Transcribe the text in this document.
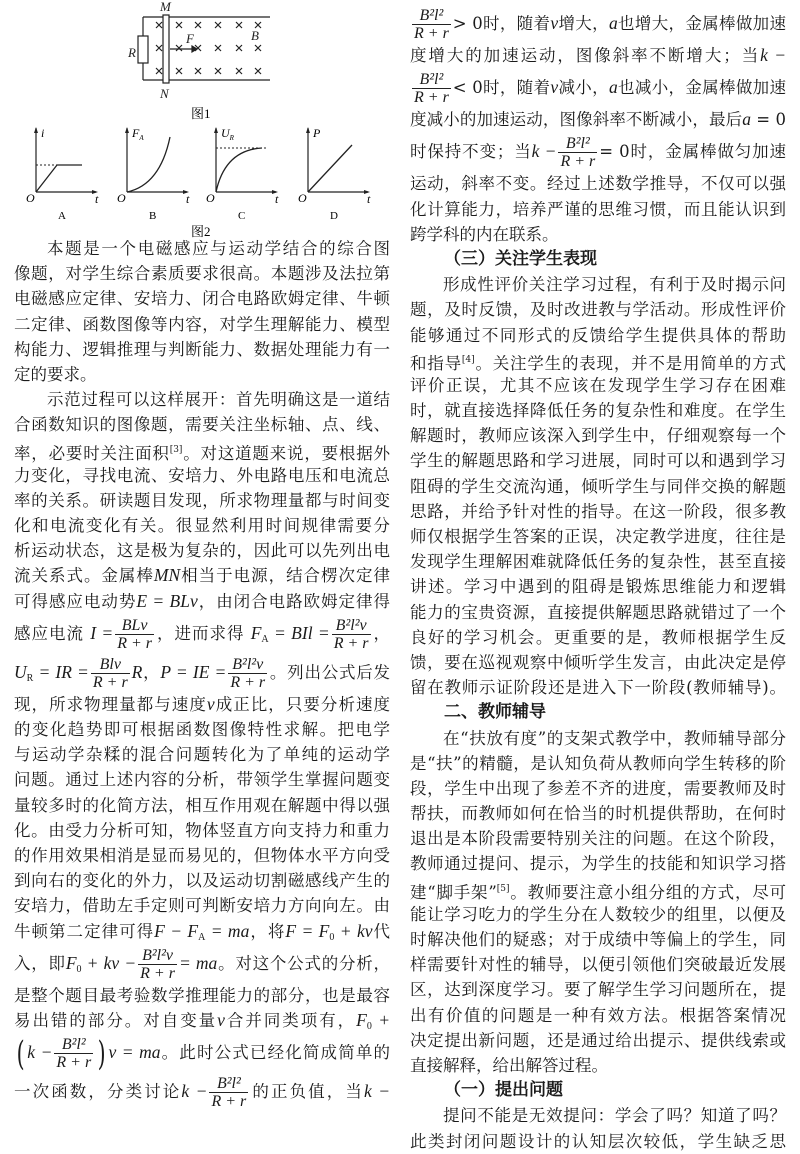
M
N
R
F	B
图1
i
O	t
A
$F_A$
O	t
B
$U_R$
O	t
C
P
O	t
D
图2
本题是一个电磁感应与运动学结合的综合图
像题，对学生综合素质要求很高。本题涉及法拉第
电磁感应定律、安培力、闭合电路欧姆定律、牛顿
二定律、函数图像等内容，对学生理解能力、模型
构能力、逻辑推理与判断能力、数据处理能力有一
定的要求。
示范过程可以这样展开：首先明确这是一道结
合函数知识的图像题，需要关注坐标轴、点、线、
率，必要时关注面积[3]。对这道题来说，要根据外
力变化，寻找电流、安培力、外电路电压和电流总
率的关系。研读题目发现，所求物理量都与时间变
化和电流变化有关。很显然利用时间规律需要分
析运动状态，这是极为复杂的，因此可以先列出电
流关系式。金属棒MN相当于电源，结合楞次定律
可得感应电动势E = BLv，由闭合电路欧姆定律得
感应电流 $I = \frac{\text{BLv}}{R + r}$ ，进而求得 FA = BIl = $\frac{\text{B²l²v}}{R + r}$ ，
UR = IR = $\frac{\text{Blv}}{R + r}$ R，P = IE = $\frac{\text{B²l²v}}{R + r}$ 。列出公式后发
现，所求物理量都与速度v成正比，只要分析速度
的变化趋势即可根据函数图像特性求解。把电学
与运动学杂糅的混合问题转化为了单纯的运动学
问题。通过上述内容的分析，带领学生掌握问题变
量较多时的化简方法，相互作用观在解题中得以强
化。由受力分析可知，物体竖直方向支持力和重力
的作用效果相消是显而易见的，但物体水平方向受
到向右的变化的外力，以及运动切割磁感线产生的
安培力，借助左手定则可判断安培力方向向左。由
牛顿第二定律可得F − FA = ma，将F = F0 + kv代
入，即F0 + kv − $\frac{\text{B²l²v}}{R + r}$ = ma。对这个公式的分析，
是整个题目最考验数学推理能力的部分，也是最容
易出错的部分。对自变量v合并同类项有，F0 +
( $k - \frac{\text{B²l²}}{R + r}$ ) v = ma。此时公式已经化简成简单的
一次函数，分类讨论$k - \frac{\text{B²l²}}{R + r}$ 的正负值，当k −
$\frac{\text{B²l²}}{R + r} > 0$时，随着v增大，a也增大，金属棒做加速
度增大的加速运动，图像斜率不断增大；当k −
$\frac{\text{B²l²}}{R + r} < 0$时，随着v减小，a也减小，金属棒做加速
度减小的加速运动，图像斜率不断减小，最后a = 0
时保持不变；当$k - \frac{\text{B²l²}}{R + r} = 0$时，金属棒做匀加速
运动，斜率不变。经过上述数学推导，不仅可以强
化计算能力，培养严谨的思维习惯，而且能认识到
跨学科的内在联系。
（三）关注学生表现
形成性评价关注学习过程，有利于及时揭示问
题，及时反馈，及时改进教与学活动。形成性评价
能够通过不同形式的反馈给学生提供具体的帮助
和指导[4]。关注学生的表现，并不是用简单的方式
评价正误，尤其不应该在发现学生学习存在困难
时，就直接选择降低任务的复杂性和难度。在学生
解题时，教师应该深入到学生中，仔细观察每一个
学生的解题思路和学习进展，同时可以和遇到学习
阻碍的学生交流沟通，倾听学生与同伴交换的解题
思路，并给予针对性的指导。在这一阶段，很多教
师仅根据学生答案的正误，决定教学进度，往往是
发现学生理解困难就降低任务的复杂性，甚至直接
讲述。学习中遇到的阻碍是锻炼思维能力和逻辑
能力的宝贵资源，直接提供解题思路就错过了一个
良好的学习机会。更重要的是，教师根据学生反
馈，要在巡视观察中倾听学生发言，由此决定是停
留在教师示证阶段还是进入下一阶段(教师辅导)。
二、教师辅导
在“扶放有度”的支架式教学中，教师辅导部分
是“扶”的精髓，是认知负荷从教师向学生转移的阶
段，学生中出现了参差不齐的进度，需要教师及时
帮扶，而教师如何在恰当的时机提供帮助，在何时
退出是本阶段需要特别关注的问题。在这个阶段，
教师通过提问、提示，为学生的技能和知识学习搭
建“脚手架”[5]。教师要注意小组分组的方式，尽可
能让学习吃力的学生分在人数较少的组里，以便及
时解决他们的疑惑；对于成绩中等偏上的学生，同
样需要针对性的辅导，以便引领他们突破最近发展
区，达到深度学习。要了解学生学习问题所在，提
出有价值的问题是一种有效方法。根据答案情况
决定提出新问题，还是通过给出提示、提供线索或
直接解释，给出解答过程。
（一）提出问题
提问不能是无效提问：学会了吗？知道了吗？
此类封闭问题设计的认知层次较低，学生缺乏思
